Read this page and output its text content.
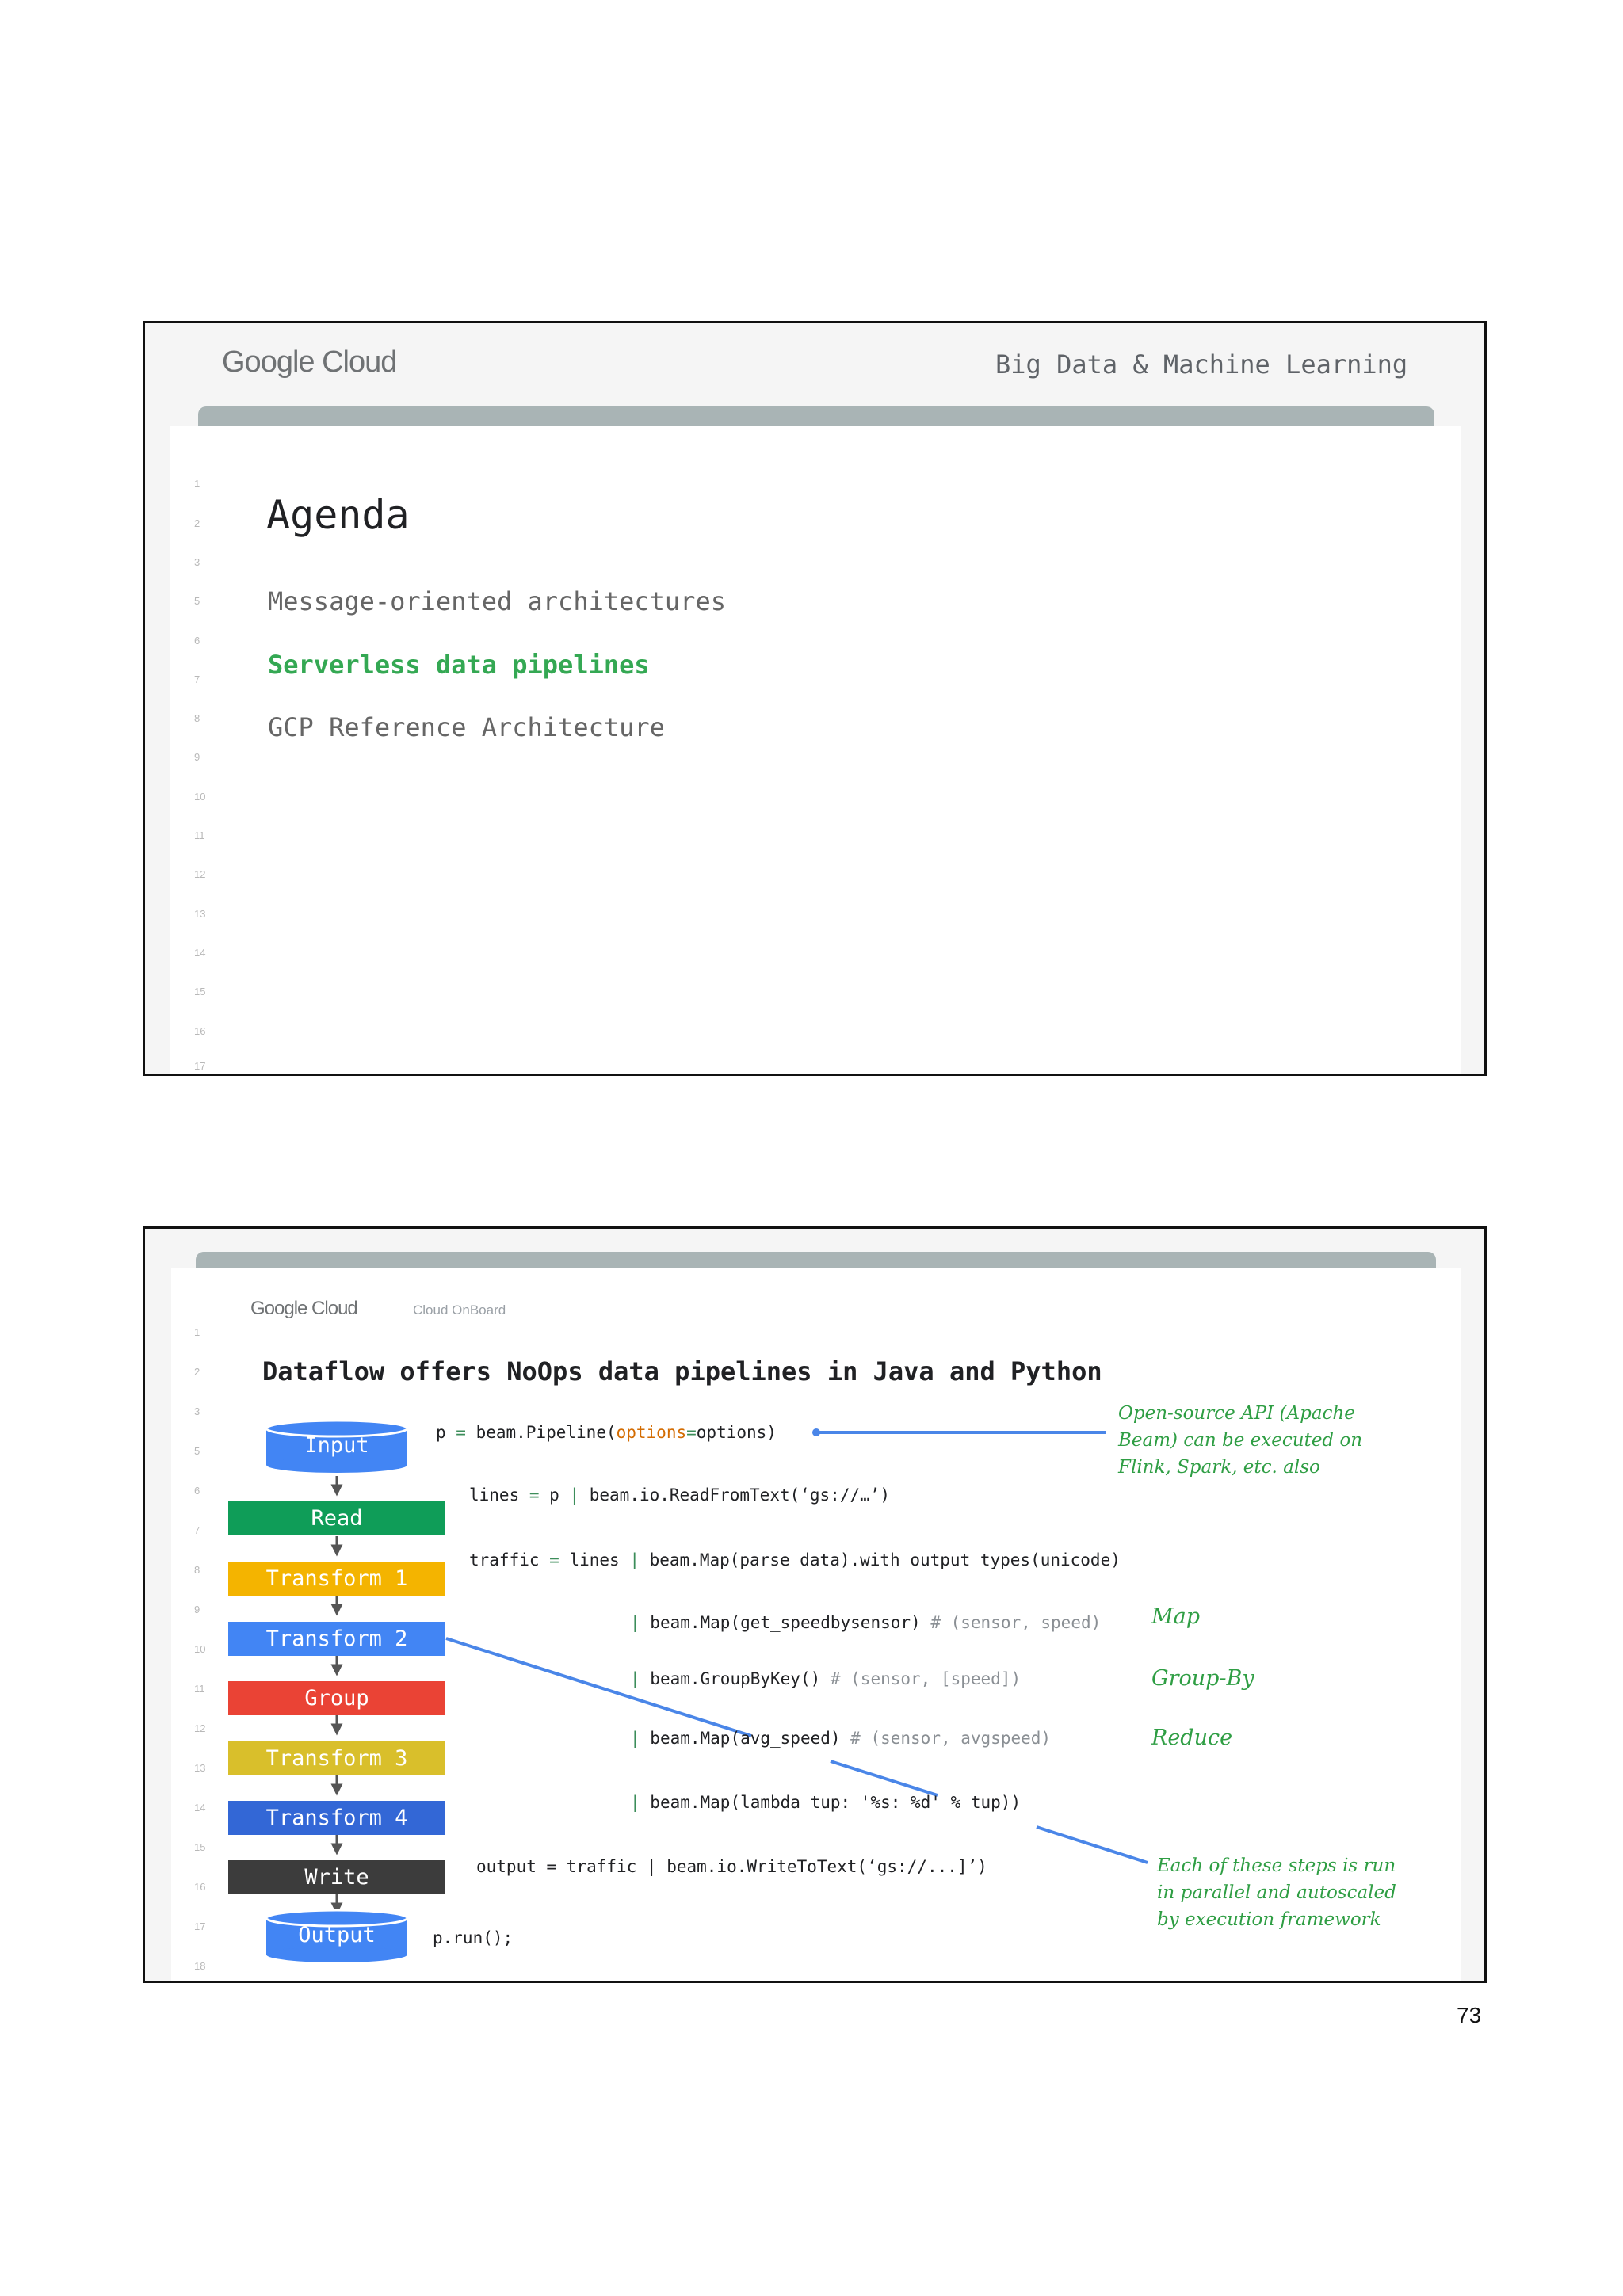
Google Cloud	Big Data & Machine Learning
1
2
3
5
6
7
8
9
10
11
12
13
14
15
16
17
Agenda
Message-oriented architectures
Serverless data pipelines
GCP Reference Architecture
Google Cloud	Cloud OnBoard
1
2
3
5
6
7
8
9
10
11
12
13
14
15
16
17
18
Dataflow offers NoOps data pipelines in Java and Python
Input
Read
Transform 1
Transform 2
Group
Transform 3
Transform 4
Write
Output
p = beam.Pipeline(options=options)
lines = p | beam.io.ReadFromText(‘gs://…’)
traffic = lines | beam.Map(parse_data).with_output_types(unicode)
| beam.Map(get_speedbysensor) # (sensor, speed)
| beam.GroupByKey() # (sensor, [speed])
| beam.Map(avg_speed) # (sensor, avgspeed)
| beam.Map(lambda tup: '%s: %d' % tup))
output = traffic | beam.io.WriteToText(‘gs://...]’)
p.run();
Open-source API (Apache
Beam) can be executed on
Flink, Spark, etc. also
Map
Group-By
Reduce
Each of these steps is run
in parallel and autoscaled
by execution framework
73
